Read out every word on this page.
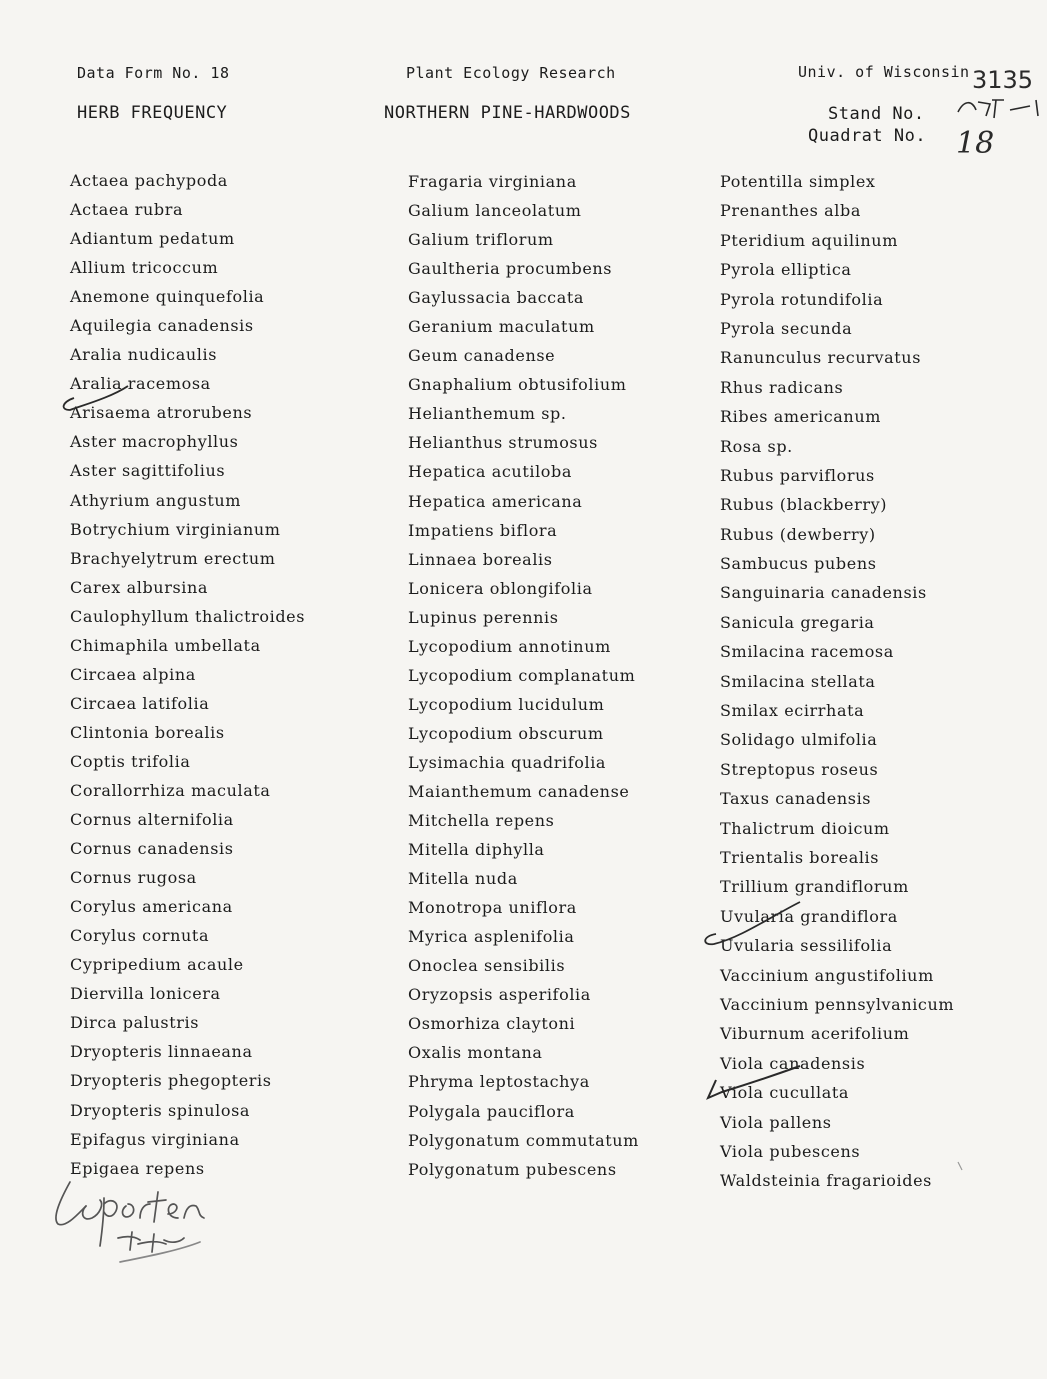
Data Form No. 18	Plant Ecology Research	Univ. of Wisconsin
HERB FREQUENCY	NORTHERN PINE-HARDWOODS	Stand No.
Quadrat No.
3135
18
Actaea pachypoda
Actaea rubra
Adiantum pedatum
Allium tricoccum
Anemone quinquefolia
Aquilegia canadensis
Aralia nudicaulis
Aralia racemosa
Arisaema atrorubens
Aster macrophyllus
Aster sagittifolius
Athyrium angustum
Botrychium virginianum
Brachyelytrum erectum
Carex albursina
Caulophyllum thalictroides
Chimaphila umbellata
Circaea alpina
Circaea latifolia
Clintonia borealis
Coptis trifolia
Corallorrhiza maculata
Cornus alternifolia
Cornus canadensis
Cornus rugosa
Corylus americana
Corylus cornuta
Cypripedium acaule
Diervilla lonicera
Dirca palustris
Dryopteris linnaeana
Dryopteris phegopteris
Dryopteris spinulosa
Epifagus virginiana
Epigaea repens
Fragaria virginiana
Galium lanceolatum
Galium triflorum
Gaultheria procumbens
Gaylussacia baccata
Geranium maculatum
Geum canadense
Gnaphalium obtusifolium
Helianthemum sp.
Helianthus strumosus
Hepatica acutiloba
Hepatica americana
Impatiens biflora
Linnaea borealis
Lonicera oblongifolia
Lupinus perennis
Lycopodium annotinum
Lycopodium complanatum
Lycopodium lucidulum
Lycopodium obscurum
Lysimachia quadrifolia
Maianthemum canadense
Mitchella repens
Mitella diphylla
Mitella nuda
Monotropa uniflora
Myrica asplenifolia
Onoclea sensibilis
Oryzopsis asperifolia
Osmorhiza claytoni
Oxalis montana
Phryma leptostachya
Polygala pauciflora
Polygonatum commutatum
Polygonatum pubescens
Potentilla simplex
Prenanthes alba
Pteridium aquilinum
Pyrola elliptica
Pyrola rotundifolia
Pyrola secunda
Ranunculus recurvatus
Rhus radicans
Ribes americanum
Rosa sp.
Rubus parviflorus
Rubus (blackberry)
Rubus (dewberry)
Sambucus pubens
Sanguinaria canadensis
Sanicula gregaria
Smilacina racemosa
Smilacina stellata
Smilax ecirrhata
Solidago ulmifolia
Streptopus roseus
Taxus canadensis
Thalictrum dioicum
Trientalis borealis
Trillium grandiflorum
Uvularia grandiflora
Uvularia sessilifolia
Vaccinium angustifolium
Vaccinium pennsylvanicum
Viburnum acerifolium
Viola canadensis
Viola cucullata
Viola pallens
Viola pubescens
Waldsteinia fragarioides
